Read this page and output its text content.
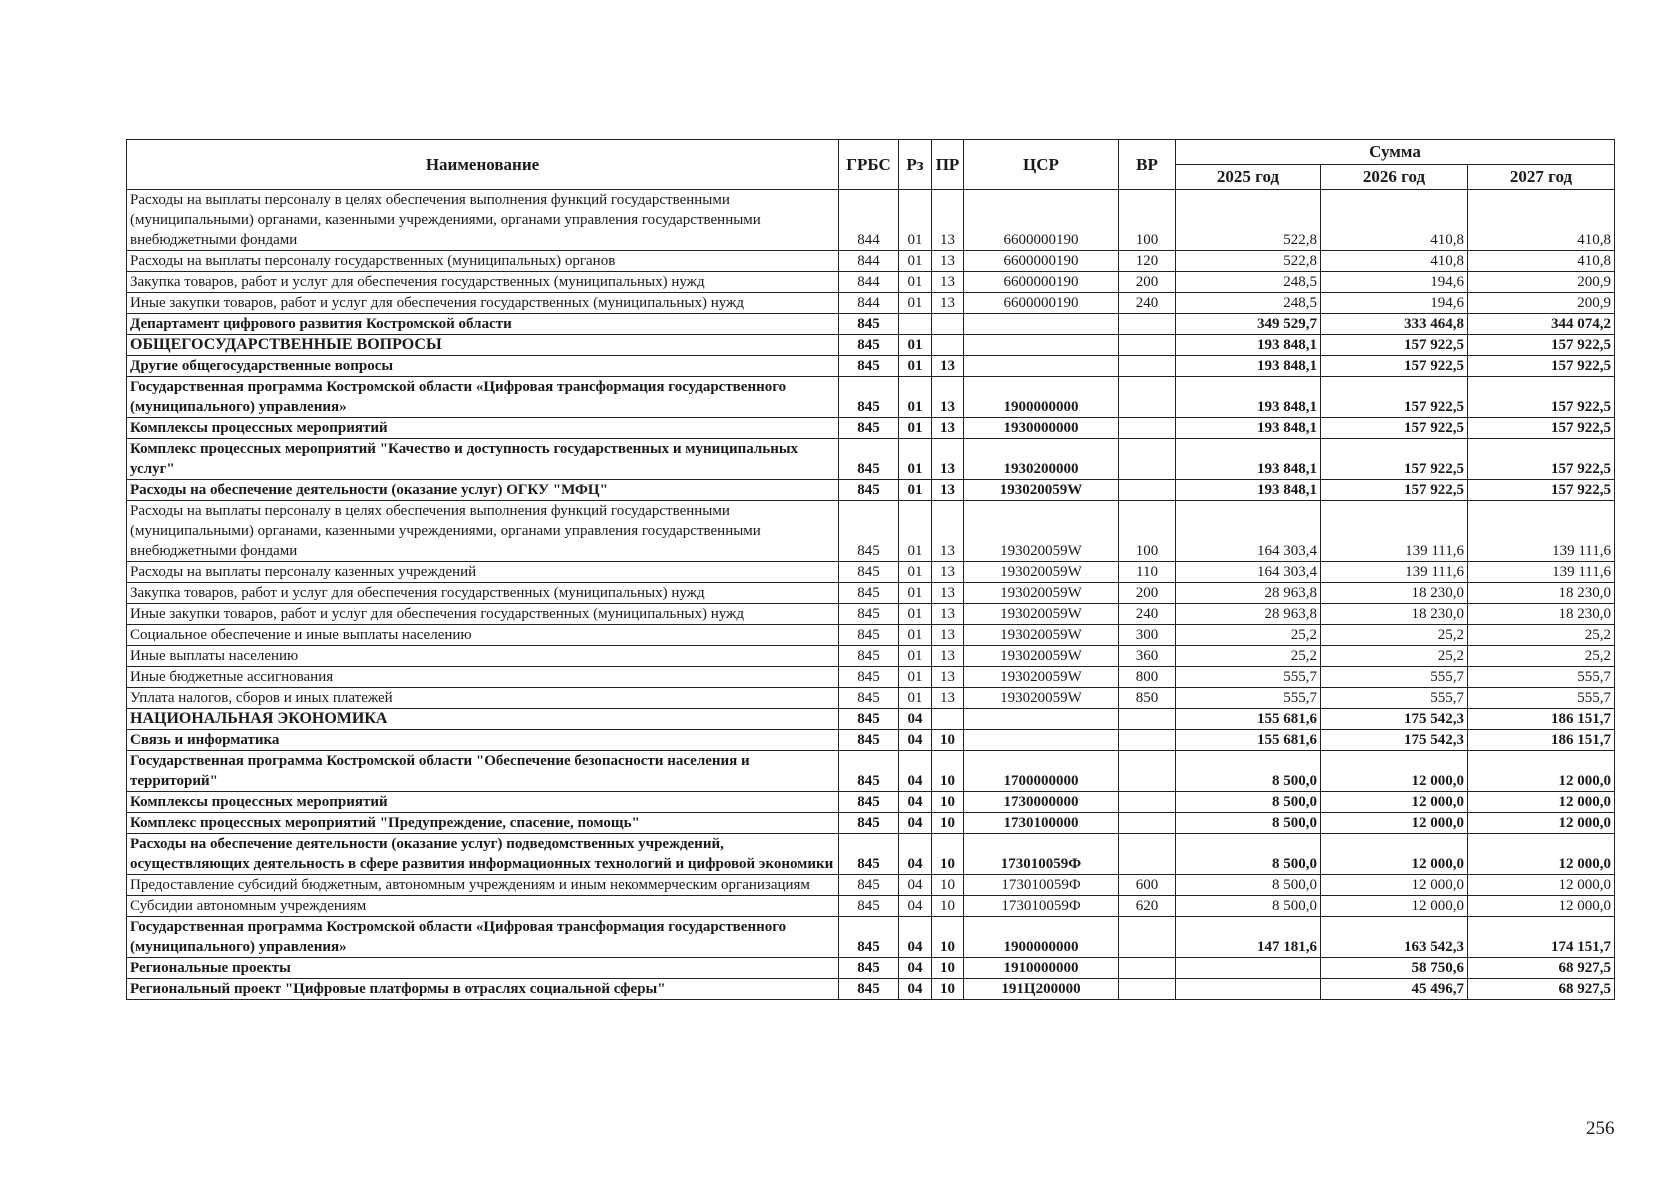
Наименование	ГРБС	Рз	ПР	ЦСР	ВР	Сумма		
						2025 год	2026 год	2027 год
Расходы на выплаты персоналу в целях обеспечения выполнения функций государственными (муниципальными) органами, казенными учреждениями, органами управления государственными внебюджетными фондами	844	01	13	6600000190	100	522,8	410,8	410,8
Расходы на выплаты персоналу государственных (муниципальных) органов	844	01	13	6600000190	120	522,8	410,8	410,8
Закупка товаров, работ и услуг для обеспечения государственных (муниципальных) нужд	844	01	13	6600000190	200	248,5	194,6	200,9
Иные закупки товаров, работ и услуг для обеспечения государственных (муниципальных) нужд	844	01	13	6600000190	240	248,5	194,6	200,9
Департамент цифрового развития Костромской области	845					349 529,7	333 464,8	344 074,2
ОБЩЕГОСУДАРСТВЕННЫЕ ВОПРОСЫ	845	01				193 848,1	157 922,5	157 922,5
Другие общегосударственные вопросы	845	01	13			193 848,1	157 922,5	157 922,5
Государственная программа Костромской области «Цифровая трансформация государственного (муниципального) управления»	845	01	13	1900000000		193 848,1	157 922,5	157 922,5
Комплексы процессных мероприятий	845	01	13	1930000000		193 848,1	157 922,5	157 922,5
Комплекс процессных мероприятий "Качество и доступность государственных и муниципальных услуг"	845	01	13	1930200000		193 848,1	157 922,5	157 922,5
Расходы на обеспечение деятельности (оказание услуг) ОГКУ "МФЦ"	845	01	13	193020059W		193 848,1	157 922,5	157 922,5
Расходы на выплаты персоналу в целях обеспечения выполнения функций государственными (муниципальными) органами, казенными учреждениями, органами управления государственными внебюджетными фондами	845	01	13	193020059W	100	164 303,4	139 111,6	139 111,6
Расходы на выплаты персоналу казенных учреждений	845	01	13	193020059W	110	164 303,4	139 111,6	139 111,6
Закупка товаров, работ и услуг для обеспечения государственных (муниципальных) нужд	845	01	13	193020059W	200	28 963,8	18 230,0	18 230,0
Иные закупки товаров, работ и услуг для обеспечения государственных (муниципальных) нужд	845	01	13	193020059W	240	28 963,8	18 230,0	18 230,0
Социальное обеспечение и иные выплаты населению	845	01	13	193020059W	300	25,2	25,2	25,2
Иные выплаты населению	845	01	13	193020059W	360	25,2	25,2	25,2
Иные бюджетные ассигнования	845	01	13	193020059W	800	555,7	555,7	555,7
Уплата налогов, сборов и иных платежей	845	01	13	193020059W	850	555,7	555,7	555,7
НАЦИОНАЛЬНАЯ ЭКОНОМИКА	845	04				155 681,6	175 542,3	186 151,7
Связь и информатика	845	04	10			155 681,6	175 542,3	186 151,7
Государственная программа Костромской области "Обеспечение безопасности населения и территорий"	845	04	10	1700000000		8 500,0	12 000,0	12 000,0
Комплексы процессных мероприятий	845	04	10	1730000000		8 500,0	12 000,0	12 000,0
Комплекс процессных мероприятий "Предупреждение, спасение, помощь"	845	04	10	1730100000		8 500,0	12 000,0	12 000,0
Расходы на обеспечение деятельности (оказание услуг) подведомственных учреждений, осуществляющих деятельность в сфере развития информационных технологий и цифровой экономики	845	04	10	173010059Ф		8 500,0	12 000,0	12 000,0
Предоставление субсидий бюджетным, автономным учреждениям и иным некоммерческим организациям	845	04	10	173010059Ф	600	8 500,0	12 000,0	12 000,0
Субсидии автономным учреждениям	845	04	10	173010059Ф	620	8 500,0	12 000,0	12 000,0
Государственная программа Костромской области «Цифровая трансформация государственного (муниципального) управления»	845	04	10	1900000000		147 181,6	163 542,3	174 151,7
Региональные проекты	845	04	10	1910000000			58 750,6	68 927,5
Региональный проект "Цифровые платформы в отраслях социальной сферы"	845	04	10	191Ц200000			45 496,7	68 927,5
256
